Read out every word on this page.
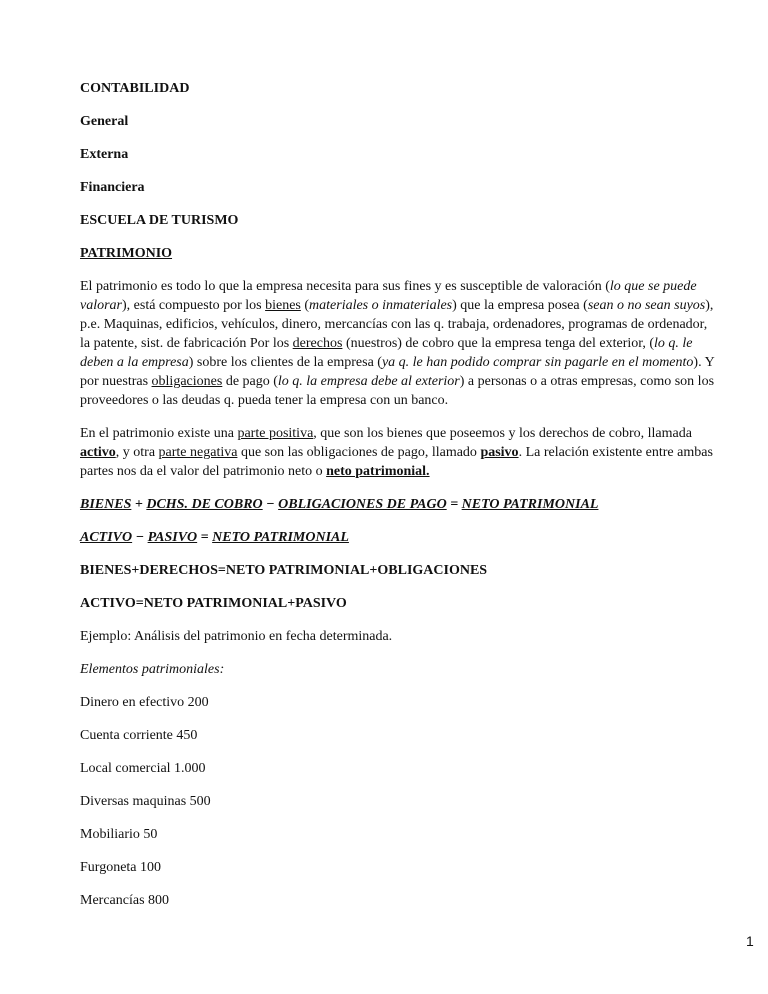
CONTABILIDAD

General

Externa

Financiera

ESCUELA DE TURISMO

PATRIMONIO

El patrimonio es todo lo que la empresa necesita para sus fines y es susceptible de valoración (lo que se puede valorar), está compuesto por los bienes (materiales o inmateriales) que la empresa posea (sean o no sean suyos), p.e. Maquinas, edificios, vehículos, dinero, mercancías con las q. trabaja, ordenadores, programas de ordenador, la patente, sist. de fabricación Por los derechos (nuestros) de cobro que la empresa tenga del exterior, (lo q. le deben a la empresa) sobre los clientes de la empresa (ya q. le han podido comprar sin pagarle en el momento). Y por nuestras obligaciones de pago (lo q. la empresa debe al exterior) a personas o a otras empresas, como son los proveedores o las deudas q. pueda tener la empresa con un banco.

En el patrimonio existe una parte positiva, que son los bienes que poseemos y los derechos de cobro, llamada activo, y otra parte negativa que son las obligaciones de pago, llamado pasivo. La relación existente entre ambas partes nos da el valor del patrimonio neto o neto patrimonial.

BIENES + DCHS. DE COBRO − OBLIGACIONES DE PAGO = NETO PATRIMONIAL

ACTIVO − PASIVO = NETO PATRIMONIAL

BIENES+DERECHOS=NETO PATRIMONIAL+OBLIGACIONES

ACTIVO=NETO PATRIMONIAL+PASIVO

Ejemplo: Análisis del patrimonio en fecha determinada.

Elementos patrimoniales:

Dinero en efectivo 200

Cuenta corriente 450

Local comercial 1.000

Diversas maquinas 500

Mobiliario 50

Furgoneta 100

Mercancías 800

1
